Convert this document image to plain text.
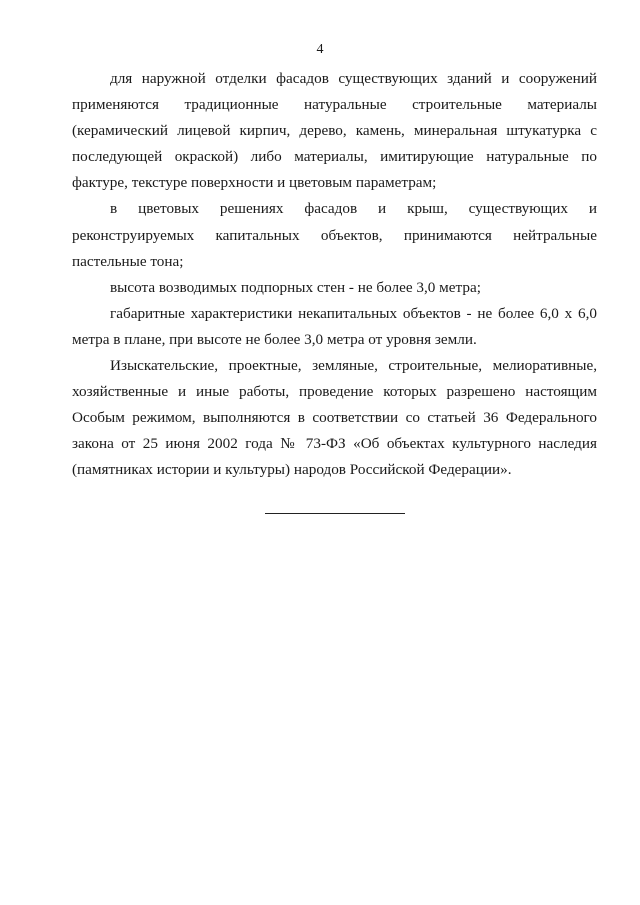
4

для наружной отделки фасадов существующих зданий и сооружений применяются традиционные натуральные строительные материалы (керамический лицевой кирпич, дерево, камень, минеральная штукатурка с последующей окраской) либо материалы, имитирующие натуральные по фактуре, текстуре поверхности и цветовым параметрам;

в цветовых решениях фасадов и крыш, существующих и реконструируемых капитальных объектов, принимаются нейтральные пастельные тона;

высота возводимых подпорных стен - не более 3,0 метра;

габаритные характеристики некапитальных объектов - не более 6,0 х 6,0 метра в плане, при высоте не более 3,0 метра от уровня земли.

Изыскательские, проектные, земляные, строительные, мелиоративные, хозяйственные и иные работы, проведение которых разрешено настоящим Особым режимом, выполняются в соответствии со статьей 36 Федерального закона от 25 июня 2002 года № 73-ФЗ «Об объектах культурного наследия (памятниках истории и культуры) народов Российской Федерации».
